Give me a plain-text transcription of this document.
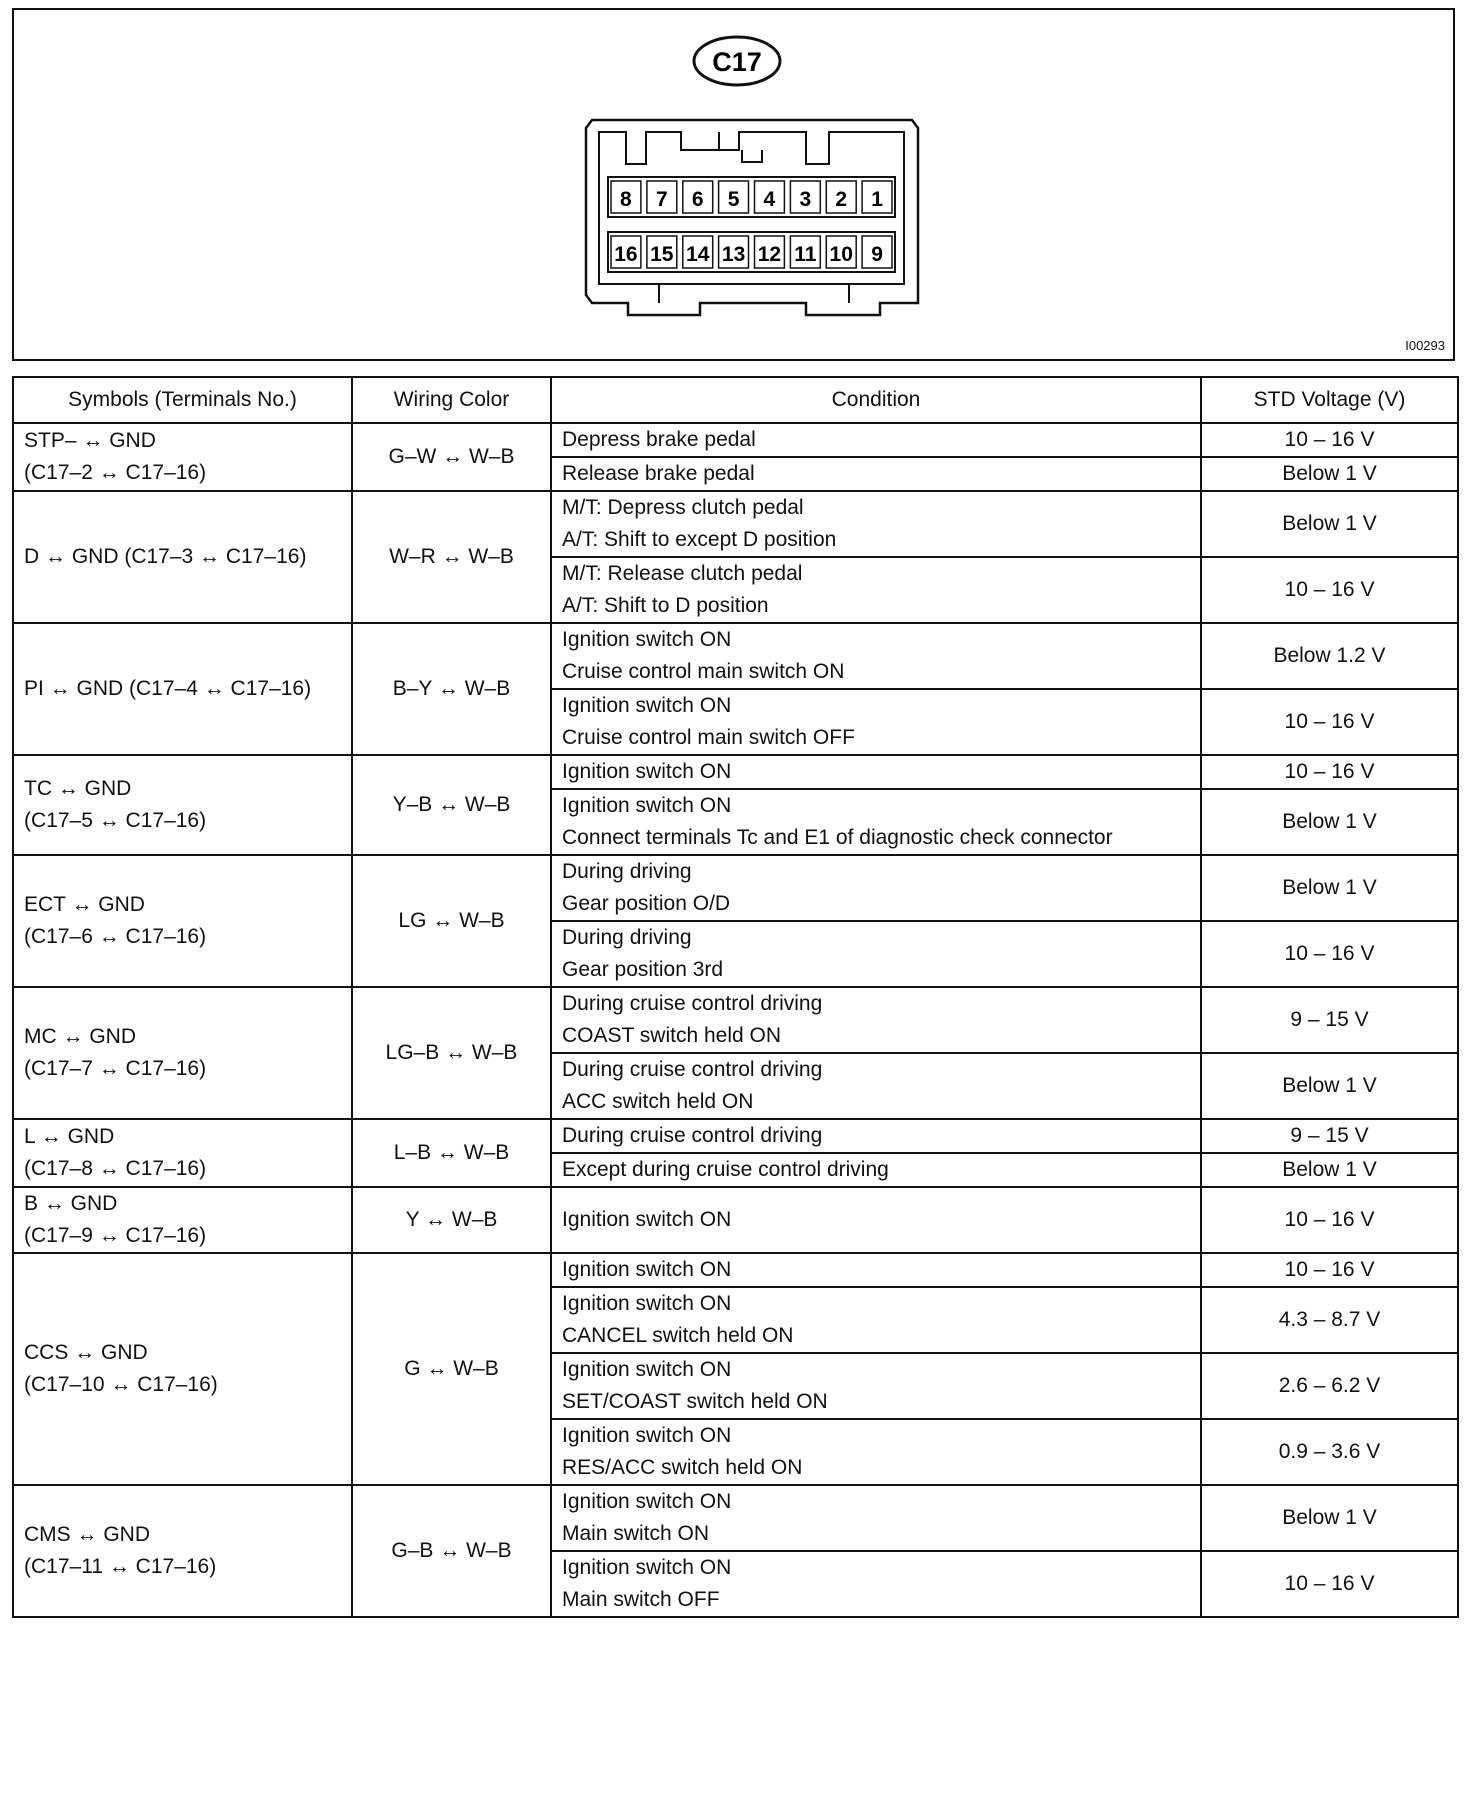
C17
8 7 6 5 4 3 2 1
16 15 14 13 12 11 10 9
I00293
Symbols (Terminals No.)	Wiring Color	Condition	STD Voltage (V)

STP– ↔ GND
(C17–2 ↔ C17–16)	G–W ↔ W–B	Depress brake pedal	10 – 16 V

		Release brake pedal	Below 1 V

D ↔ GND (C17–3 ↔ C17–16)	W–R ↔ W–B	M/T: Depress clutch pedal
A/T: Shift to except D position	Below 1 V

		M/T: Release clutch pedal
A/T: Shift to D position	10 – 16 V

PI ↔ GND (C17–4 ↔ C17–16)	B–Y ↔ W–B	Ignition switch ON
Cruise control main switch ON	Below 1.2 V

		Ignition switch ON
Cruise control main switch OFF	10 – 16 V

TC ↔ GND
(C17–5 ↔ C17–16)	Y–B ↔ W–B	Ignition switch ON	10 – 16 V

		Ignition switch ON
Connect terminals Tc and E1 of diagnostic check connector	Below 1 V

ECT ↔ GND
(C17–6 ↔ C17–16)	LG ↔ W–B	During driving
Gear position O/D	Below 1 V

		During driving
Gear position 3rd	10 – 16 V

MC ↔ GND
(C17–7 ↔ C17–16)	LG–B ↔ W–B	During cruise control driving
COAST switch held ON	9 – 15 V

		During cruise control driving
ACC switch held ON	Below 1 V

L ↔ GND
(C17–8 ↔ C17–16)	L–B ↔ W–B	During cruise control driving	9 – 15 V

		Except during cruise control driving	Below 1 V

B ↔ GND
(C17–9 ↔ C17–16)	Y ↔ W–B	Ignition switch ON	10 – 16 V

CCS ↔ GND
(C17–10 ↔ C17–16)	G ↔ W–B	Ignition switch ON	10 – 16 V

		Ignition switch ON
CANCEL switch held ON	4.3 – 8.7 V

		Ignition switch ON
SET/COAST switch held ON	2.6 – 6.2 V

		Ignition switch ON
RES/ACC switch held ON	0.9 – 3.6 V

CMS ↔ GND
(C17–11 ↔ C17–16)	G–B ↔ W–B	Ignition switch ON
Main switch ON	Below 1 V

		Ignition switch ON
Main switch OFF	10 – 16 V
